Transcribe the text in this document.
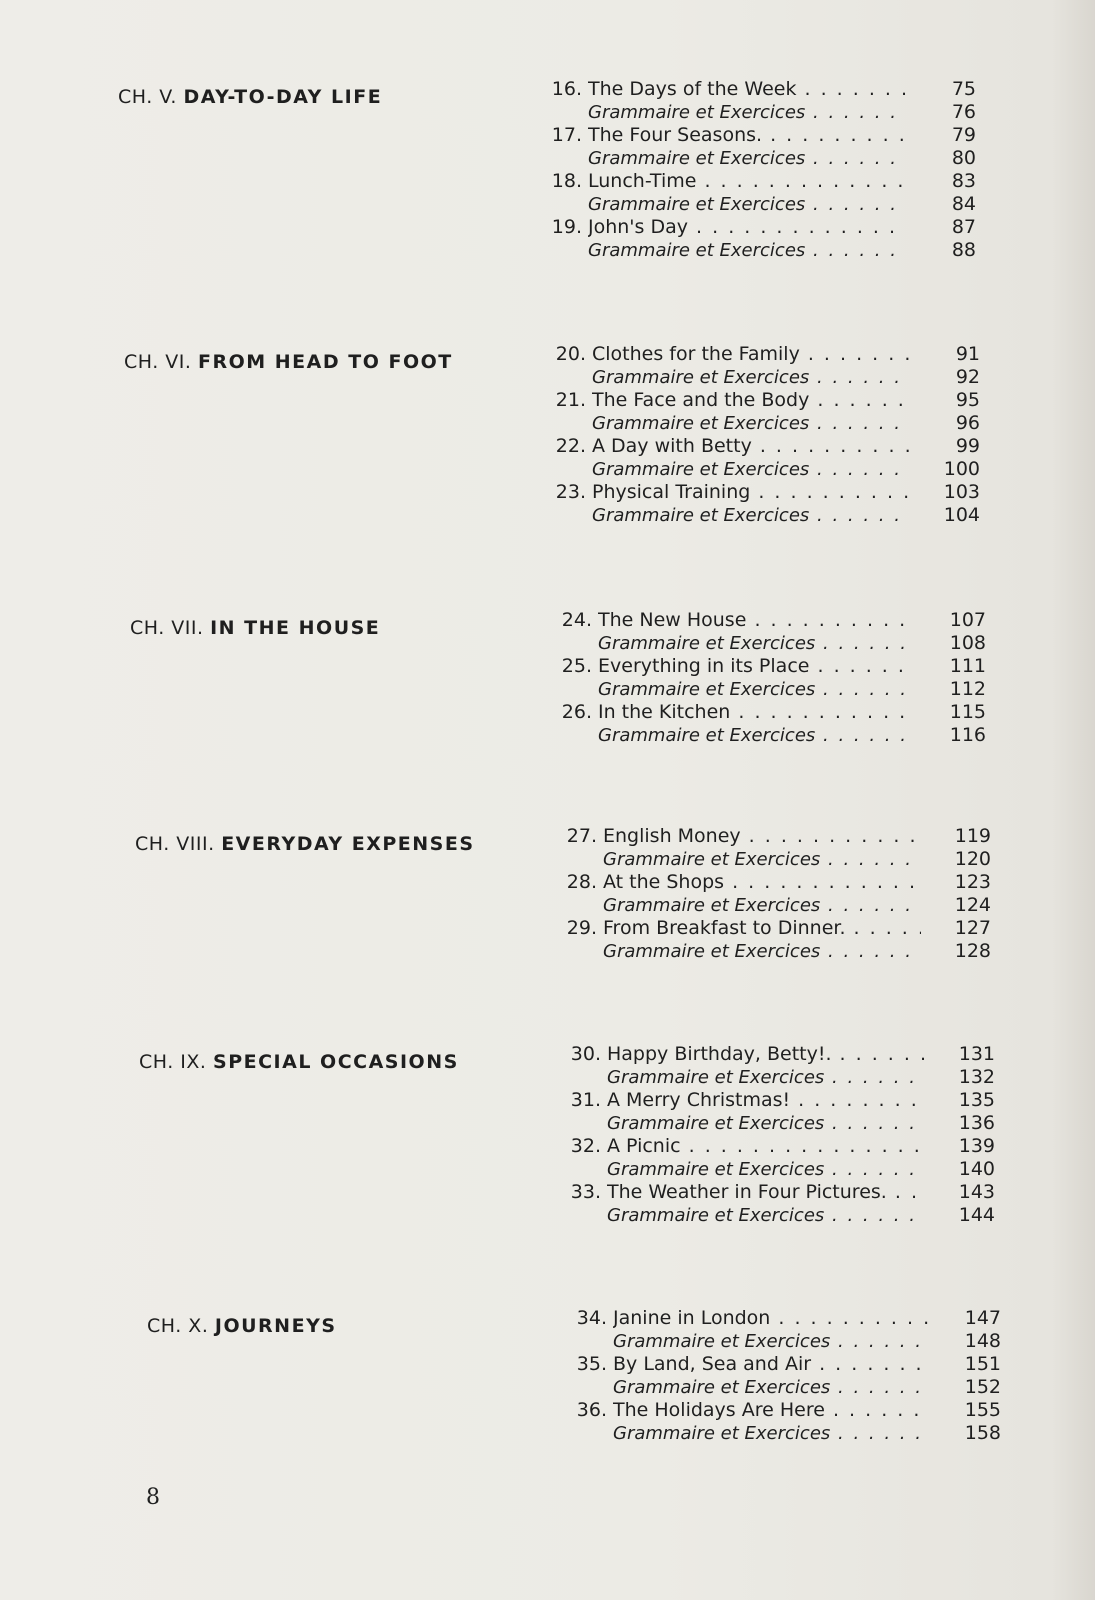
CH. V. DAY-TO-DAY LIFE	16. The Days of the Week . . .	75
Grammaire et Exercices . . .	76
17. The Four Seasons. . . .	79
Grammaire et Exercices . . .	80
18. Lunch-Time . . .	83
Grammaire et Exercices . . .	84
19. John's Day . . .	87
Grammaire et Exercices . . .	88
CH. VI. FROM HEAD TO FOOT	20. Clothes for the Family . . .	91
Grammaire et Exercices . . .	92
21. The Face and the Body . . .	95
Grammaire et Exercices . . .	96
22. A Day with Betty . . .	99
Grammaire et Exercices . . .	100
23. Physical Training . . .	103
Grammaire et Exercices . . .	104
CH. VII. IN THE HOUSE	24. The New House . . .	107
Grammaire et Exercices . . .	108
25. Everything in its Place . . .	111
Grammaire et Exercices . . .	112
26. In the Kitchen . . .	115
Grammaire et Exercices . . .	116
CH. VIII. EVERYDAY EXPENSES	27. English Money . . .	119
Grammaire et Exercices . . .	120
28. At the Shops . . .	123
Grammaire et Exercices . . .	124
29. From Breakfast to Dinner. . . .	127
Grammaire et Exercices . . .	128
CH. IX. SPECIAL OCCASIONS	30. Happy Birthday, Betty!. . . .	131
Grammaire et Exercices . . .	132
31. A Merry Christmas! . . .	135
Grammaire et Exercices . . .	136
32. A Picnic . . .	139
Grammaire et Exercices . . .	140
33. The Weather in Four Pictures. . . .	143
Grammaire et Exercices . . .	144
CH. X. JOURNEYS	34. Janine in London . . .	147
Grammaire et Exercices . . .	148
35. By Land, Sea and Air . . .	151
Grammaire et Exercices . . .	152
36. The Holidays Are Here . . .	155
Grammaire et Exercices . . .	158
8
